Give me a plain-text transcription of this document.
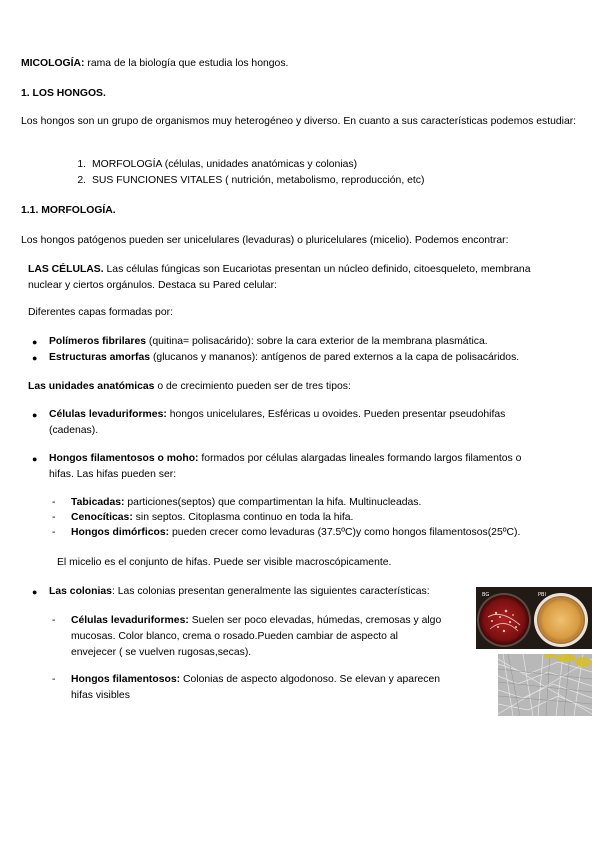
MICOLOGÍA: rama de la biología que estudia los hongos.
1. LOS HONGOS.
Los hongos son un grupo de organismos muy heterogéneo y diverso. En cuanto a sus características podemos estudiar:
1. MORFOLOGÍA (células, unidades anatómicas y colonias)
2. SUS FUNCIONES VITALES ( nutrición, metabolismo, reproducción, etc)
1.1. MORFOLOGÍA.
Los hongos patógenos pueden ser unicelulares (levaduras) o pluricelulares (micelio). Podemos encontrar:
LAS CÉLULAS. Las células fúngicas son Eucariotas presentan un núcleo definido, citoesqueleto, membrana
nuclear y ciertos orgánulos. Destaca su Pared celular:
Diferentes capas formadas por:
● Polímeros fibrilares (quitina= polisacárido): sobre la cara exterior de la membrana plasmática.
● Estructuras amorfas (glucanos y mananos): antígenos de pared externos a la capa de polisacáridos.
Las unidades anatómicas o de crecimiento pueden ser de tres tipos:
● Células levaduriformes: hongos unicelulares, Esféricas u ovoides. Pueden presentar pseudohifas
(cadenas).
● Hongos filamentosos o moho: formados por células alargadas lineales formando largos filamentos o
hifas. Las hifas pueden ser:
- Tabicadas: particiones(septos) que compartimentan la hifa. Multinucleadas.
- Cenocíticas: sin septos. Citoplasma continuo en toda la hifa.
- Hongos dimórficos: pueden crecer como levaduras (37.5ºC)y como hongos filamentosos(25ºC).
El micelio es el conjunto de hifas. Puede ser visible macroscópicamente.
● Las colonias: Las colonias presentan generalmente las siguientes características:
- Células levaduriformes: Suelen ser poco elevadas, húmedas, cremosas y algo
mucosas. Color blanco, crema o rosado.Pueden cambiar de aspecto al
envejecer ( se vuelven rugosas,secas).
- Hongos filamentosos: Colonias de aspecto algodonoso. Se elevan y aparecen
hifas visibles
BG	PBI
